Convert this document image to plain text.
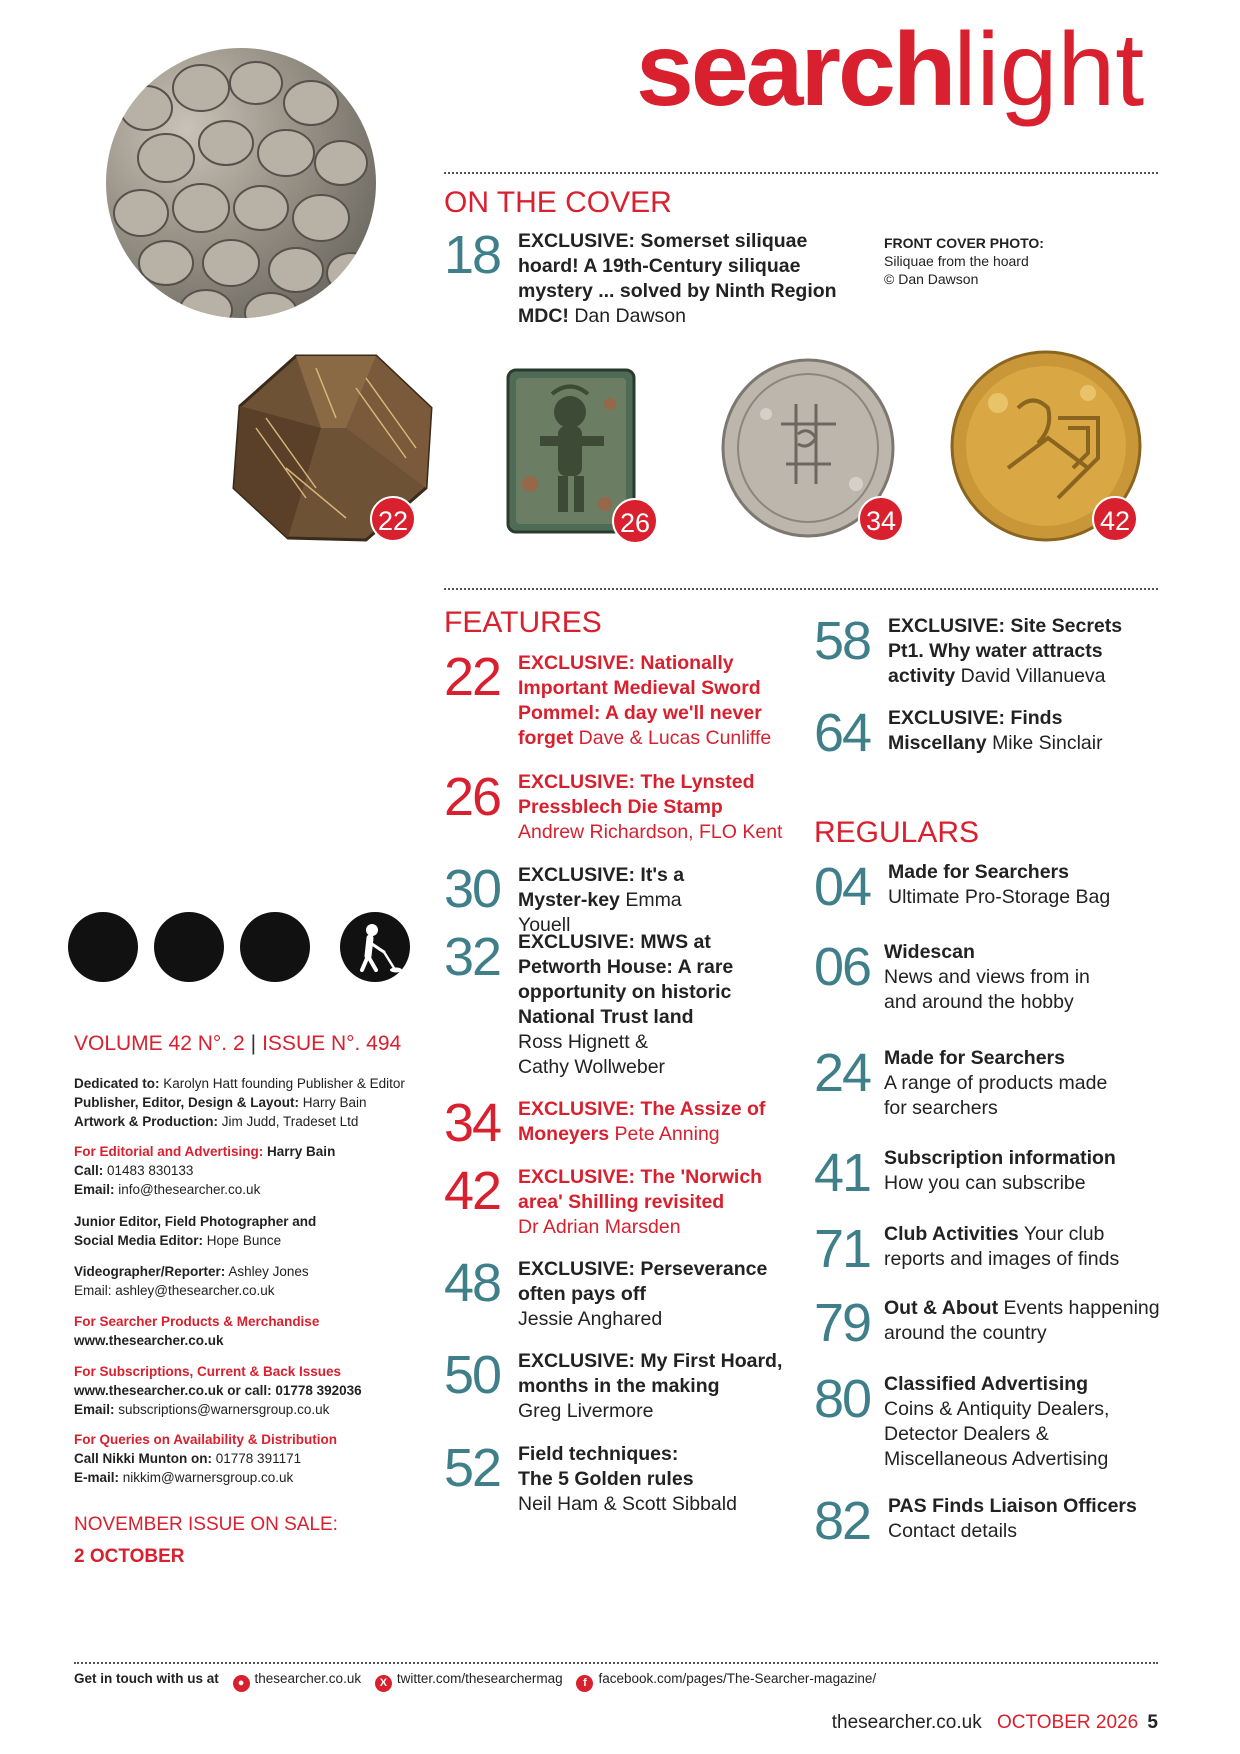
searchlight
ON THE COVER
18 EXCLUSIVE: Somerset siliquae hoard! A 19th-Century siliquae mystery ... solved by Ninth Region MDC! Dan Dawson
FRONT COVER PHOTO:
Siliquae from the hoard
© Dan Dawson
22	26	34	42
FEATURES
22 EXCLUSIVE: Nationally Important Medieval Sword Pommel: A day we'll never forget Dave & Lucas Cunliffe
26 EXCLUSIVE: The Lynsted Pressblech Die Stamp
Andrew Richardson, FLO Kent
30 EXCLUSIVE: It's a Myster-key Emma Youell
32 EXCLUSIVE: MWS at Petworth House: A rare opportunity on historic National Trust land
Ross Hignett & Cathy Wollweber
34 EXCLUSIVE: The Assize of Moneyers Pete Anning
42 EXCLUSIVE: The 'Norwich area' Shilling revisited
Dr Adrian Marsden
48 EXCLUSIVE: Perseverance often pays off
Jessie Anghared
50 EXCLUSIVE: My First Hoard, months in the making
Greg Livermore
52 Field techniques: The 5 Golden rules
Neil Ham & Scott Sibbald
58 EXCLUSIVE: Site Secrets Pt1. Why water attracts activity David Villanueva
64 EXCLUSIVE: Finds Miscellany Mike Sinclair
REGULARS
04 Made for Searchers
Ultimate Pro-Storage Bag
06 Widescan
News and views from in and around the hobby
24 Made for Searchers
A range of products made for searchers
41 Subscription information
How you can subscribe
71 Club Activities Your club reports and images of finds
79 Out & About Events happening around the country
80 Classified Advertising
Coins & Antiquity Dealers, Detector Dealers & Miscellaneous Advertising
82 PAS Finds Liaison Officers
Contact details
VOLUME 42 N°. 2 | ISSUE N°. 494
Dedicated to: Karolyn Hatt founding Publisher & Editor
Publisher, Editor, Design & Layout: Harry Bain
Artwork & Production: Jim Judd, Tradeset Ltd
For Editorial and Advertising: Harry Bain
Call: 01483 830133
Email: info@thesearcher.co.uk
Junior Editor, Field Photographer and
Social Media Editor: Hope Bunce
Videographer/Reporter: Ashley Jones
Email: ashley@thesearcher.co.uk
For Searcher Products & Merchandise
www.thesearcher.co.uk
For Subscriptions, Current & Back Issues
www.thesearcher.co.uk or call: 01778 392036
Email: subscriptions@warnersgroup.co.uk
For Queries on Availability & Distribution
Call Nikki Munton on: 01778 391171
E-mail: nikkim@warnersgroup.co.uk
NOVEMBER ISSUE ON SALE:
2 OCTOBER
Get in touch with us at ● thesearcher.co.uk X twitter.com/thesearchermag f facebook.com/pages/The-Searcher-magazine/
thesearcher.co.uk OCTOBER 2026 5
